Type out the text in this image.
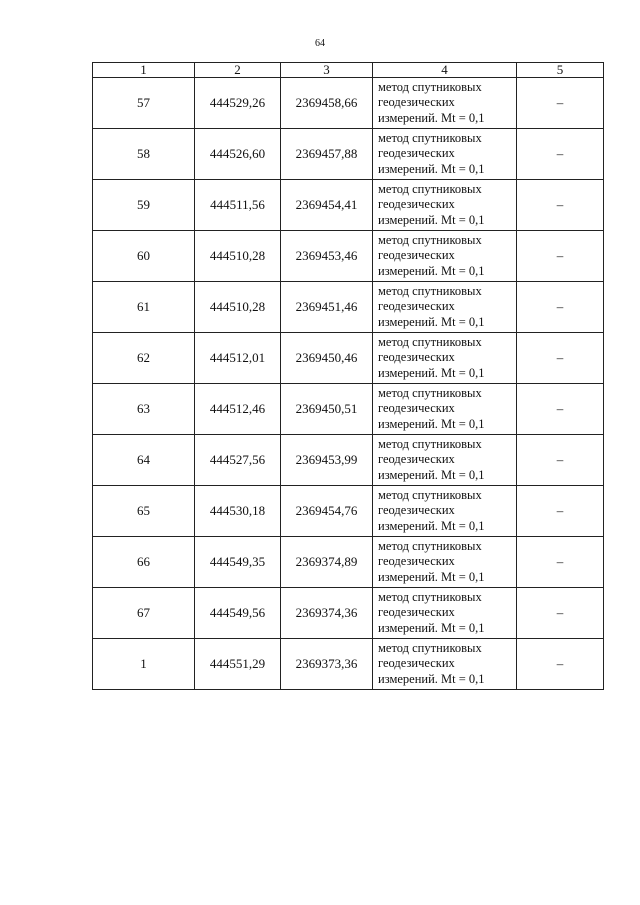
64
1	2	3	4	5
57	444529,26	2369458,66	метод спутниковых
геодезических
измерений. Mt = 0,1	–
58	444526,60	2369457,88	метод спутниковых
геодезических
измерений. Mt = 0,1	–
59	444511,56	2369454,41	метод спутниковых
геодезических
измерений. Mt = 0,1	–
60	444510,28	2369453,46	метод спутниковых
геодезических
измерений. Mt = 0,1	–
61	444510,28	2369451,46	метод спутниковых
геодезических
измерений. Mt = 0,1	–
62	444512,01	2369450,46	метод спутниковых
геодезических
измерений. Mt = 0,1	–
63	444512,46	2369450,51	метод спутниковых
геодезических
измерений. Mt = 0,1	–
64	444527,56	2369453,99	метод спутниковых
геодезических
измерений. Mt = 0,1	–
65	444530,18	2369454,76	метод спутниковых
геодезических
измерений. Mt = 0,1	–
66	444549,35	2369374,89	метод спутниковых
геодезических
измерений. Mt = 0,1	–
67	444549,56	2369374,36	метод спутниковых
геодезических
измерений. Mt = 0,1	–
1	444551,29	2369373,36	метод спутниковых
геодезических
измерений. Mt = 0,1	–
